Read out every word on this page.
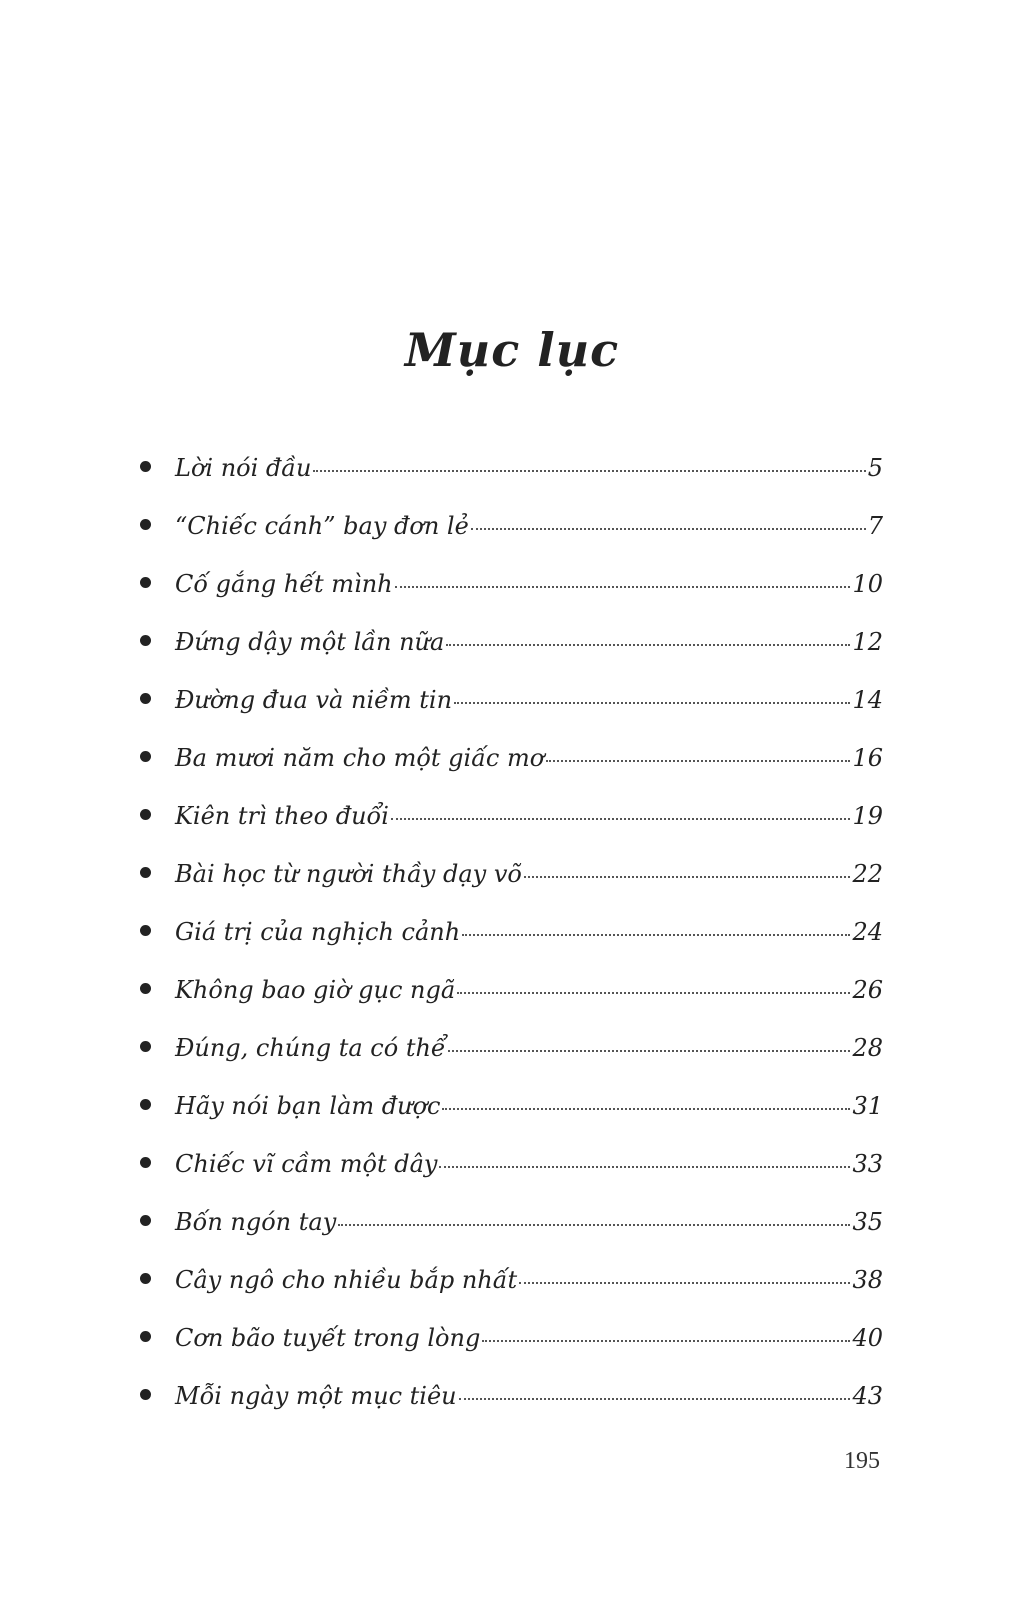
Mục lục
Lời nói đầu	5
“Chiếc cánh” bay đơn lẻ	7
Cố gắng hết mình	10
Đứng dậy một lần nữa	12
Đường đua và niềm tin	14
Ba mươi năm cho một giấc mơ	16
Kiên trì theo đuổi	19
Bài học từ người thầy dạy võ	22
Giá trị của nghịch cảnh	24
Không bao giờ gục ngã	26
Đúng, chúng ta có thể	28
Hãy nói bạn làm được	31
Chiếc vĩ cầm một dây	33
Bốn ngón tay	35
Cây ngô cho nhiều bắp nhất	38
Cơn bão tuyết trong lòng	40
Mỗi ngày một mục tiêu	43
195
